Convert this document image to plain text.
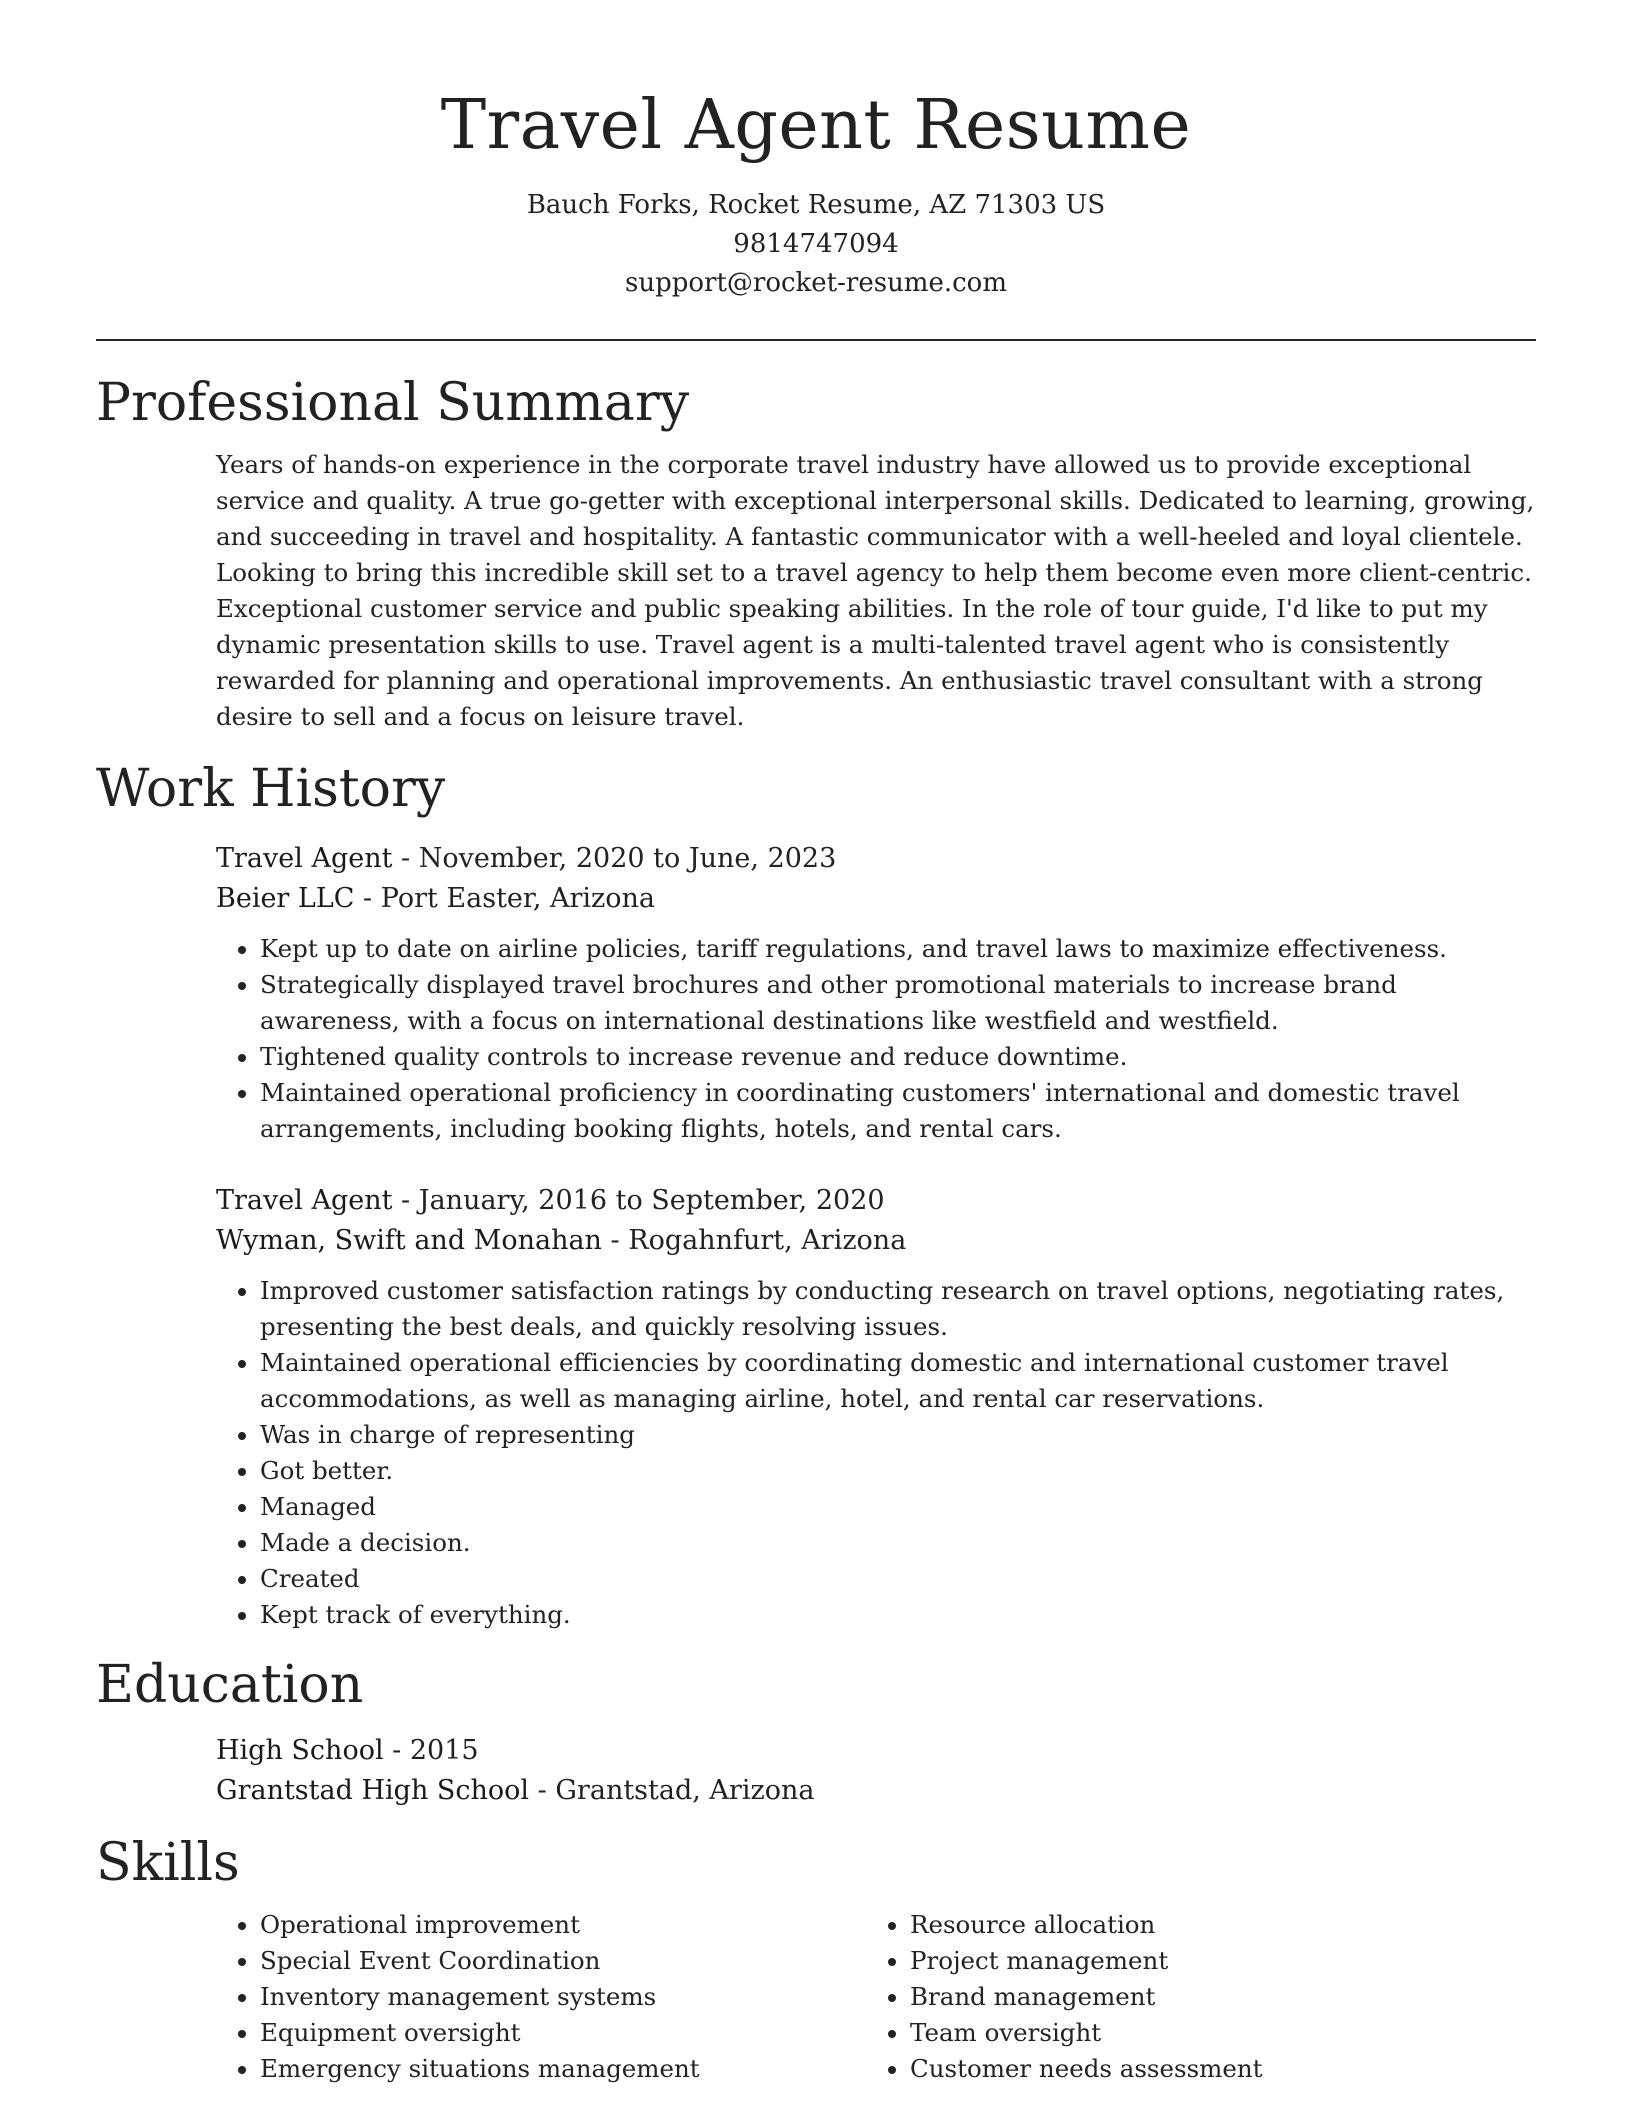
Travel Agent Resume
Bauch Forks, Rocket Resume, AZ 71303 US
9814747094
support@rocket-resume.com
Professional Summary

Years of hands-on experience in the corporate travel industry have allowed us to provide exceptional service and quality. A true go-getter with exceptional interpersonal skills. Dedicated to learning, growing, and succeeding in travel and hospitality. A fantastic communicator with a well-heeled and loyal clientele. Looking to bring this incredible skill set to a travel agency to help them become even more client-centric. Exceptional customer service and public speaking abilities. In the role of tour guide, I'd like to put my dynamic presentation skills to use. Travel agent is a multi-talented travel agent who is consistently rewarded for planning and operational improvements. An enthusiastic travel consultant with a strong desire to sell and a focus on leisure travel.

Work History
Travel Agent - November, 2020 to June, 2023
Beier LLC - Port Easter, Arizona
• Kept up to date on airline policies, tariff regulations, and travel laws to maximize effectiveness.
• Strategically displayed travel brochures and other promotional materials to increase brand awareness, with a focus on international destinations like westfield and westfield.
• Tightened quality controls to increase revenue and reduce downtime.
• Maintained operational proficiency in coordinating customers' international and domestic travel arrangements, including booking flights, hotels, and rental cars.
Travel Agent - January, 2016 to September, 2020
Wyman, Swift and Monahan - Rogahnfurt, Arizona
• Improved customer satisfaction ratings by conducting research on travel options, negotiating rates, presenting the best deals, and quickly resolving issues.
• Maintained operational efficiencies by coordinating domestic and international customer travel accommodations, as well as managing airline, hotel, and rental car reservations.
• Was in charge of representing
• Got better.
• Managed
• Made a decision.
• Created
• Kept track of everything.
Education
High School - 2015
Grantstad High School - Grantstad, Arizona
Skills
• Operational improvement
• Special Event Coordination
• Inventory management systems
• Equipment oversight
• Emergency situations management
• Resource allocation
• Project management
• Brand management
• Team oversight
• Customer needs assessment
